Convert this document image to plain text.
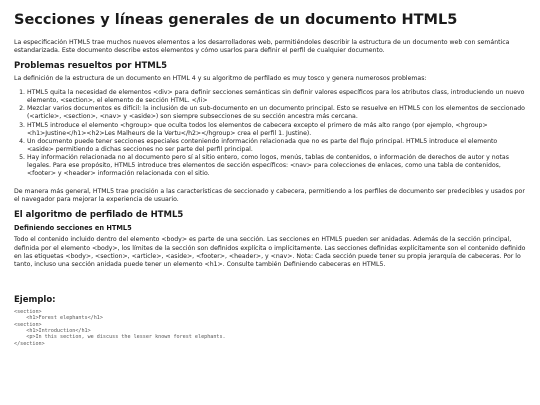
Secciones y líneas generales de un documento HTML5

La especificación HTML5 trae muchos nuevos elementos a los desarrolladores web, permitiéndoles describir la estructura de un documento web con semántica estandarizada. Este documento describe estos elementos y cómo usarlos para definir el perfil de cualquier documento.

Problemas resueltos por HTML5

La definición de la estructura de un documento en HTML 4 y su algoritmo de perfilado es muy tosco y genera numerosos problemas:

1. HTML5 quita la necesidad de elementos <div> para definir secciones semánticas sin definir valores específicos para los atributos class, introduciendo un nuevo elemento, <section>, el elemento de sección HTML. </li>
2. Mezclar varios documentos es difícil: la inclusión de un sub-documento en un documento principal. Esto se resuelve en HTML5 con los elementos de seccionado (<article>, <section>, <nav> y <aside>) son siempre subsecciones de su sección ancestra más cercana.
3. HTML5 introduce el elemento <hgroup> que oculta todos los elementos de cabecera excepto el primero de más alto rango (por ejemplo, <hgroup><h1>Justine</h1><h2>Les Malheurs de la Vertu</h2></hgroup> crea el perfil 1. Justine).
4. Un documento puede tener secciones especiales conteniendo información relacionada que no es parte del flujo principal. HTML5 introduce el elemento <aside> permitiendo a dichas secciones no ser parte del perfil principal.
5. Hay información relacionada no al documento pero sí al sitio entero, como logos, menús, tablas de contenidos, o información de derechos de autor y notas legales. Para ese propósito, HTML5 introduce tres elementos de sección específicos: <nav> para colecciones de enlaces, como una tabla de contenidos, <footer> y <header> información relacionada con el sitio.

De manera más general, HTML5 trae precisión a las características de seccionado y cabecera, permitiendo a los perfiles de documento ser predecibles y usados por el navegador para mejorar la experiencia de usuario.

El algoritmo de perfilado de HTML5
Definiendo secciones en HTML5

Todo el contenido incluido dentro del elemento <body> es parte de una sección. Las secciones en HTML5 pueden ser anidadas. Además de la sección principal, definida por el elemento <body>, los límites de la sección son definidos explícita o implícitamente. Las secciones definidas explícitamente son el contenido definido en las etiquetas <body>, <section>, <article>, <aside>, <footer>, <header>, y <nav>. Nota: Cada sección puede tener su propia jerarquía de cabeceras. Por lo tanto, incluso una sección anidada puede tener un elemento <h1>. Consulte también Definiendo cabeceras en HTML5.

Ejemplo:
<section>
<h1>Forest elephants</h1>
<section>
<h1>Introduction</h1>
<p>In this section, we discuss the lesser known forest elephants.
</section>
